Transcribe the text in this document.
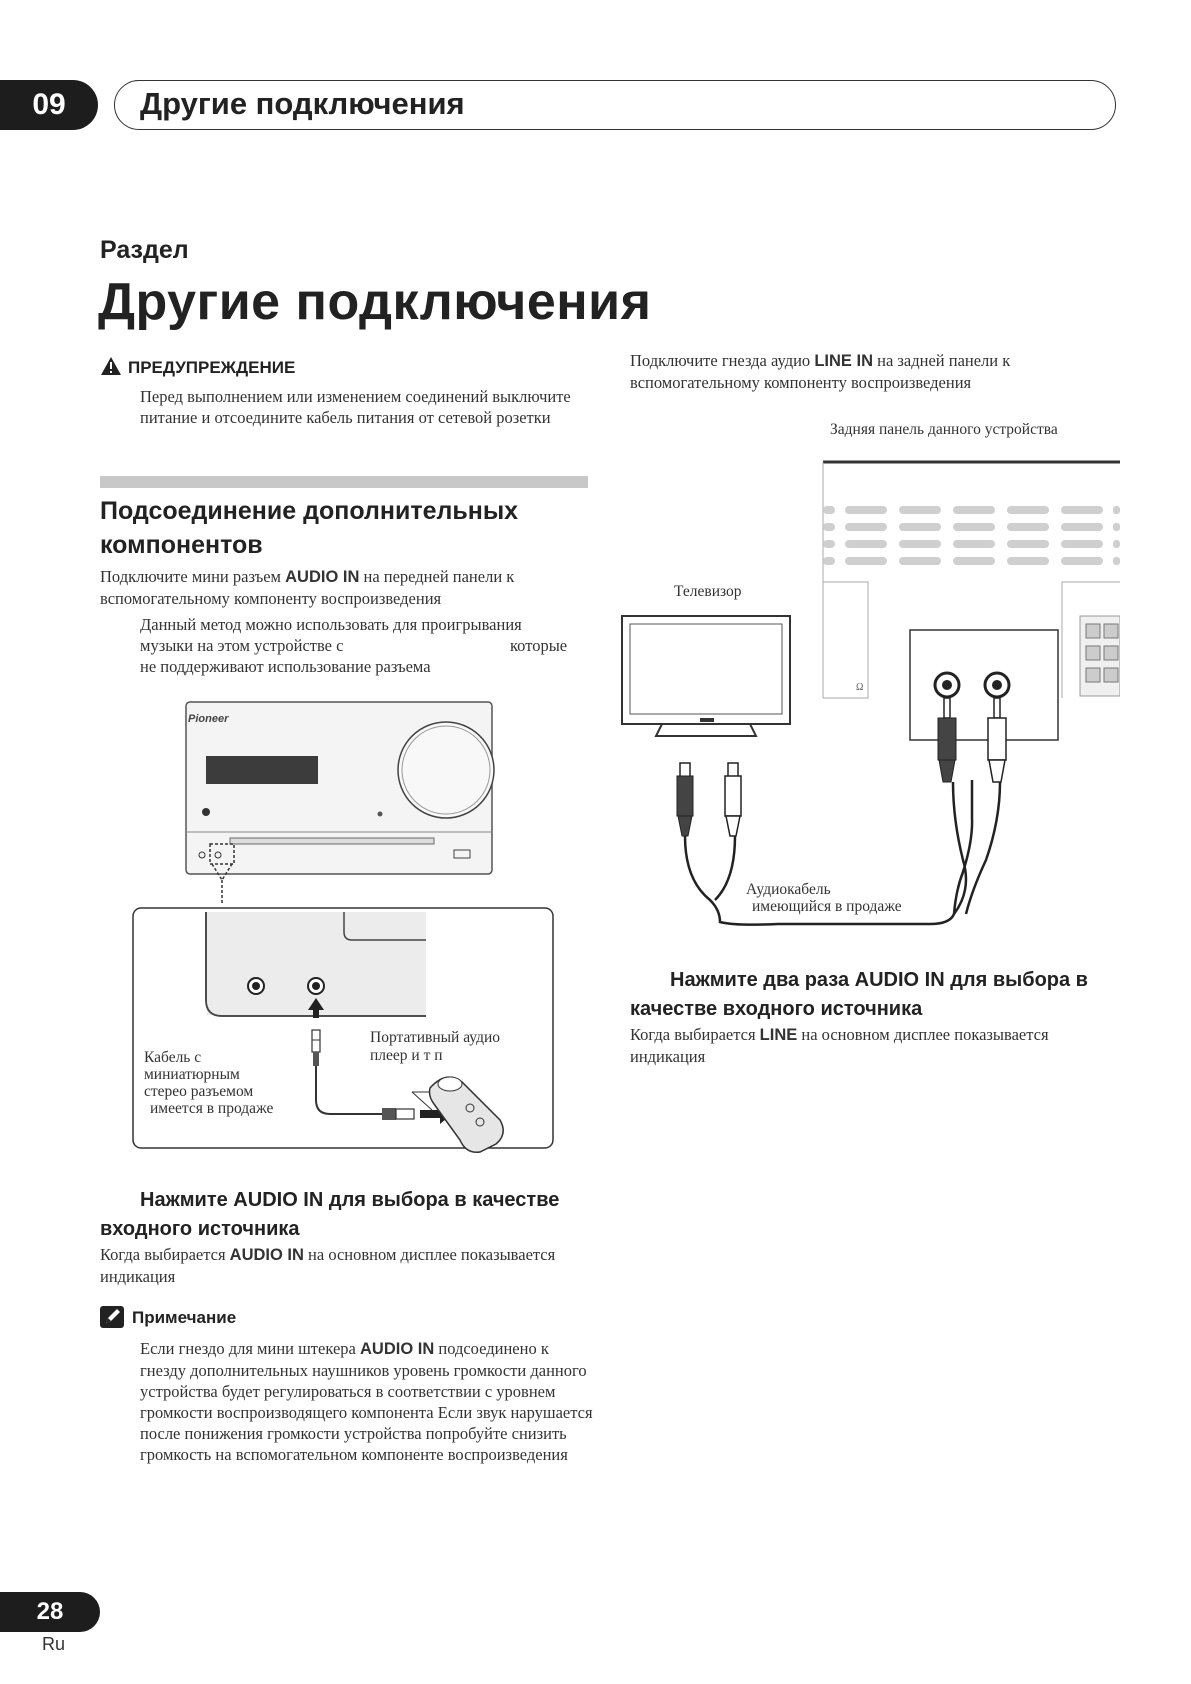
09	Другие подключения
Раздел
Другие подключения
ПРЕДУПРЕЖДЕНИЕ
Перед выполнением или изменением соединений выключите питание и отсоедините кабель питания от сетевой розетки
Подсоединение дополнительных компонентов
Подключите мини разъем AUDIO IN на передней панели к вспомогательному компоненту воспроизведения
Данный метод можно использовать для проигрывания
музыки на этом устройстве с	которые
не поддерживают использование разъема
Pioneer
Портативный аудио
плеер и т п
Кабель с
миниатюрным
стерео разъемом
имеется в продаже
Нажмите AUDIO IN для выбора в качестве входного источника
Когда выбирается AUDIO IN на основном дисплее показывается индикация
Примечание
Если гнездо для мини штекера AUDIO IN подсоединено к гнезду дополнительных наушников уровень громкости данного устройства будет регулироваться в соответствии с уровнем громкости воспроизводящего компонента Если звук нарушается после понижения громкости устройства попробуйте снизить громкость на вспомогательном компоненте воспроизведения
Подключите гнезда аудио LINE IN на задней панели к вспомогательному компоненту воспроизведения
Задняя панель данного устройства
Телевизор
Аудиокабель
имеющийся в продаже
Ω
Нажмите два раза AUDIO IN для выбора в качестве входного источника
Когда выбирается LINE на основном дисплее показывается индикация
28
Ru
